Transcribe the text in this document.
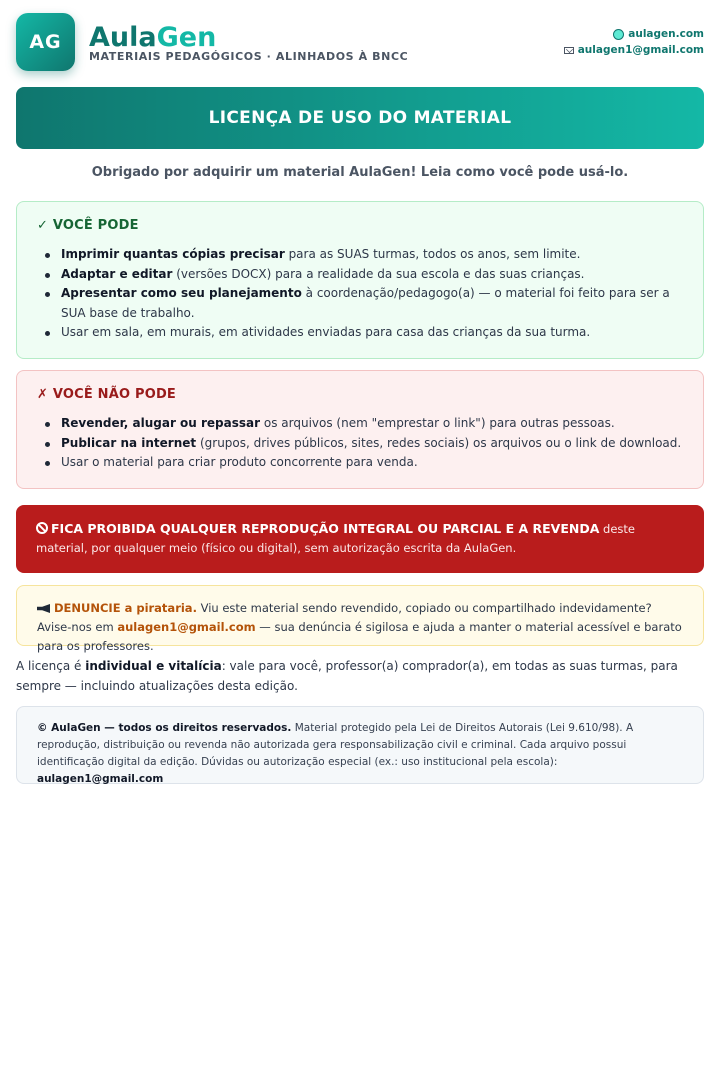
AG	AulaGen
MATERIAIS PEDAGÓGICOS · ALINHADOS À BNCC
aulagen.com
aulagen1@gmail.com
LICENÇA DE USO DO MATERIAL
Obrigado por adquirir um material AulaGen! Leia como você pode usá-lo.
✓ VOCÊ PODE
Imprimir quantas cópias precisar para as SUAS turmas, todos os anos, sem limite.
Adaptar e editar (versões DOCX) para a realidade da sua escola e das suas crianças.
Apresentar como seu planejamento à coordenação/pedagogo(a) — o material foi feito para ser a SUA base de trabalho.
Usar em sala, em murais, em atividades enviadas para casa das crianças da sua turma.
✗ VOCÊ NÃO PODE
Revender, alugar ou repassar os arquivos (nem "emprestar o link") para outras pessoas.
Publicar na internet (grupos, drives públicos, sites, redes sociais) os arquivos ou o link de download.
Usar o material para criar produto concorrente para venda.
FICA PROIBIDA QUALQUER REPRODUÇÃO INTEGRAL OU PARCIAL E A REVENDA deste material, por qualquer meio (físico ou digital), sem autorização escrita da AulaGen.
DENUNCIE a pirataria. Viu este material sendo revendido, copiado ou compartilhado indevidamente? Avise-nos em aulagen1@gmail.com — sua denúncia é sigilosa e ajuda a manter o material acessível e barato para os professores.
A licença é individual e vitalícia: vale para você, professor(a) comprador(a), em todas as suas turmas, para sempre — incluindo atualizações desta edição.
© AulaGen — todos os direitos reservados. Material protegido pela Lei de Direitos Autorais (Lei 9.610/98). A reprodução, distribuição ou revenda não autorizada gera responsabilização civil e criminal. Cada arquivo possui identificação digital da edição. Dúvidas ou autorização especial (ex.: uso institucional pela escola): aulagen1@gmail.com
